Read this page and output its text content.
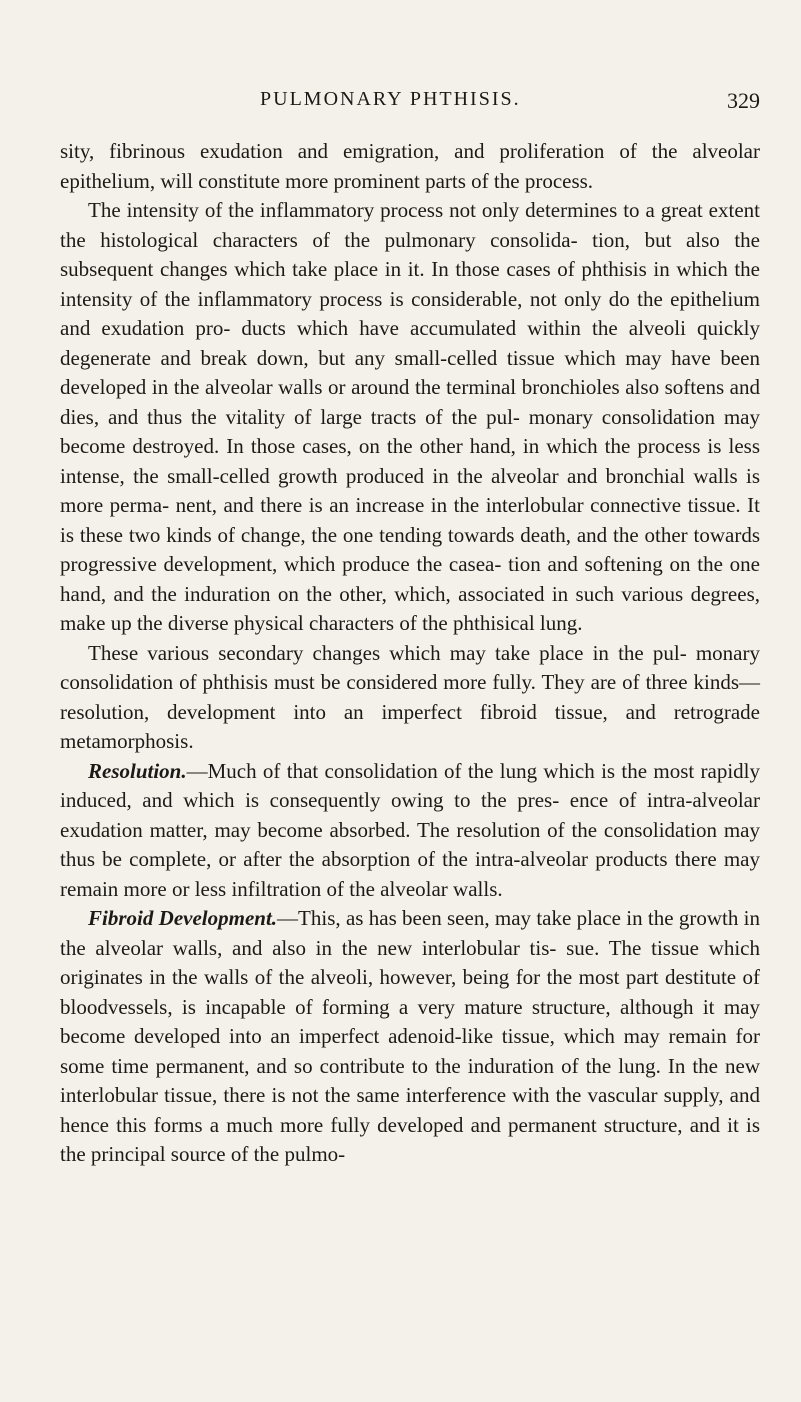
PULMONARY PHTHISIS.	329

sity, fibrinous exudation and emigration, and proliferation of the alveolar epithelium, will constitute more prominent parts of the process.

The intensity of the inflammatory process not only determines to a great extent the histological characters of the pulmonary consolida- tion, but also the subsequent changes which take place in it. In those cases of phthisis in which the intensity of the inflammatory process is considerable, not only do the epithelium and exudation pro- ducts which have accumulated within the alveoli quickly degenerate and break down, but any small-celled tissue which may have been developed in the alveolar walls or around the terminal bronchioles also softens and dies, and thus the vitality of large tracts of the pul- monary consolidation may become destroyed. In those cases, on the other hand, in which the process is less intense, the small-celled growth produced in the alveolar and bronchial walls is more perma- nent, and there is an increase in the interlobular connective tissue. It is these two kinds of change, the one tending towards death, and the other towards progressive development, which produce the casea- tion and softening on the one hand, and the induration on the other, which, associated in such various degrees, make up the diverse physical characters of the phthisical lung.

These various secondary changes which may take place in the pul- monary consolidation of phthisis must be considered more fully. They are of three kinds—resolution, development into an imperfect fibroid tissue, and retrograde metamorphosis.

Resolution.—Much of that consolidation of the lung which is the most rapidly induced, and which is consequently owing to the pres- ence of intra-alveolar exudation matter, may become absorbed. The resolution of the consolidation may thus be complete, or after the absorption of the intra-alveolar products there may remain more or less infiltration of the alveolar walls.

Fibroid Development.—This, as has been seen, may take place in the growth in the alveolar walls, and also in the new interlobular tis- sue. The tissue which originates in the walls of the alveoli, however, being for the most part destitute of bloodvessels, is incapable of forming a very mature structure, although it may become developed into an imperfect adenoid-like tissue, which may remain for some time permanent, and so contribute to the induration of the lung. In the new interlobular tissue, there is not the same interference with the vascular supply, and hence this forms a much more fully developed and permanent structure, and it is the principal source of the pulmo-
